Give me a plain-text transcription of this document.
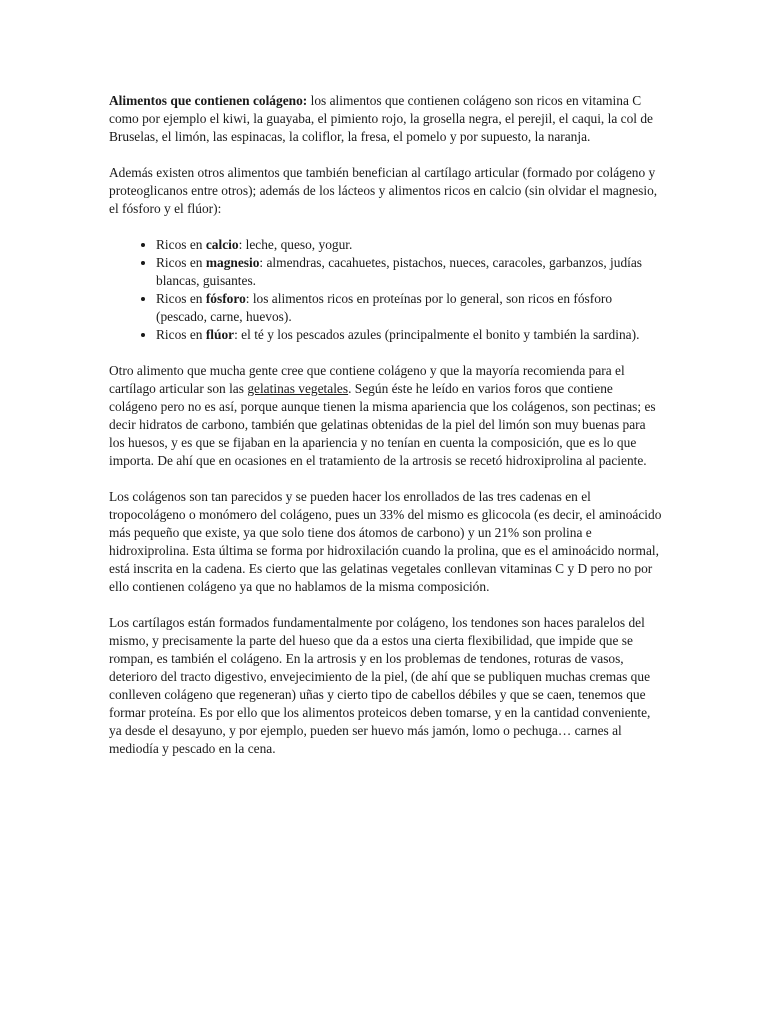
Alimentos que contienen colágeno: los alimentos que contienen colágeno son ricos en vitamina C como por ejemplo el kiwi, la guayaba, el pimiento rojo, la grosella negra, el perejil, el caqui, la col de Bruselas, el limón, las espinacas, la coliflor, la fresa, el pomelo y por supuesto, la naranja.

Además existen otros alimentos que también benefician al cartílago articular (formado por colágeno y proteoglicanos entre otros); además de los lácteos y alimentos ricos en calcio (sin olvidar el magnesio, el fósforo y el flúor):

• Ricos en calcio: leche, queso, yogur.
• Ricos en magnesio: almendras, cacahuetes, pistachos, nueces, caracoles, garbanzos, judías blancas, guisantes.
• Ricos en fósforo: los alimentos ricos en proteínas por lo general, son ricos en fósforo (pescado, carne, huevos).
• Ricos en flúor: el té y los pescados azules (principalmente el bonito y también la sardina).

Otro alimento que mucha gente cree que contiene colágeno y que la mayoría recomienda para el cartílago articular son las gelatinas vegetales. Según éste he leído en varios foros que contiene colágeno pero no es así, porque aunque tienen la misma apariencia que los colágenos, son pectinas; es decir hidratos de carbono, también que gelatinas obtenidas de la piel del limón son muy buenas para los huesos, y es que se fijaban en la apariencia y no tenían en cuenta la composición, que es lo que importa. De ahí que en ocasiones en el tratamiento de la artrosis se recetó hidroxiprolina al paciente.

Los colágenos son tan parecidos y se pueden hacer los enrollados de las tres cadenas en el tropocolágeno o monómero del colágeno, pues un 33% del mismo es glicocola (es decir, el aminoácido más pequeño que existe, ya que solo tiene dos átomos de carbono) y un 21% son prolina e hidroxiprolina. Esta última se forma por hidroxilación cuando la prolina, que es el aminoácido normal, está inscrita en la cadena. Es cierto que las gelatinas vegetales conllevan vitaminas C y D pero no por ello contienen colágeno ya que no hablamos de la misma composición.

Los cartílagos están formados fundamentalmente por colágeno, los tendones son haces paralelos del mismo, y precisamente la parte del hueso que da a estos una cierta flexibilidad, que impide que se rompan, es también el colágeno. En la artrosis y en los problemas de tendones, roturas de vasos, deterioro del tracto digestivo, envejecimiento de la piel, (de ahí que se publiquen muchas cremas que conlleven colágeno que regeneran) uñas y cierto tipo de cabellos débiles y que se caen, tenemos que formar proteína. Es por ello que los alimentos proteicos deben tomarse, y en la cantidad conveniente, ya desde el desayuno, y por ejemplo, pueden ser huevo más jamón, lomo o pechuga… carnes al mediodía y pescado en la cena.
